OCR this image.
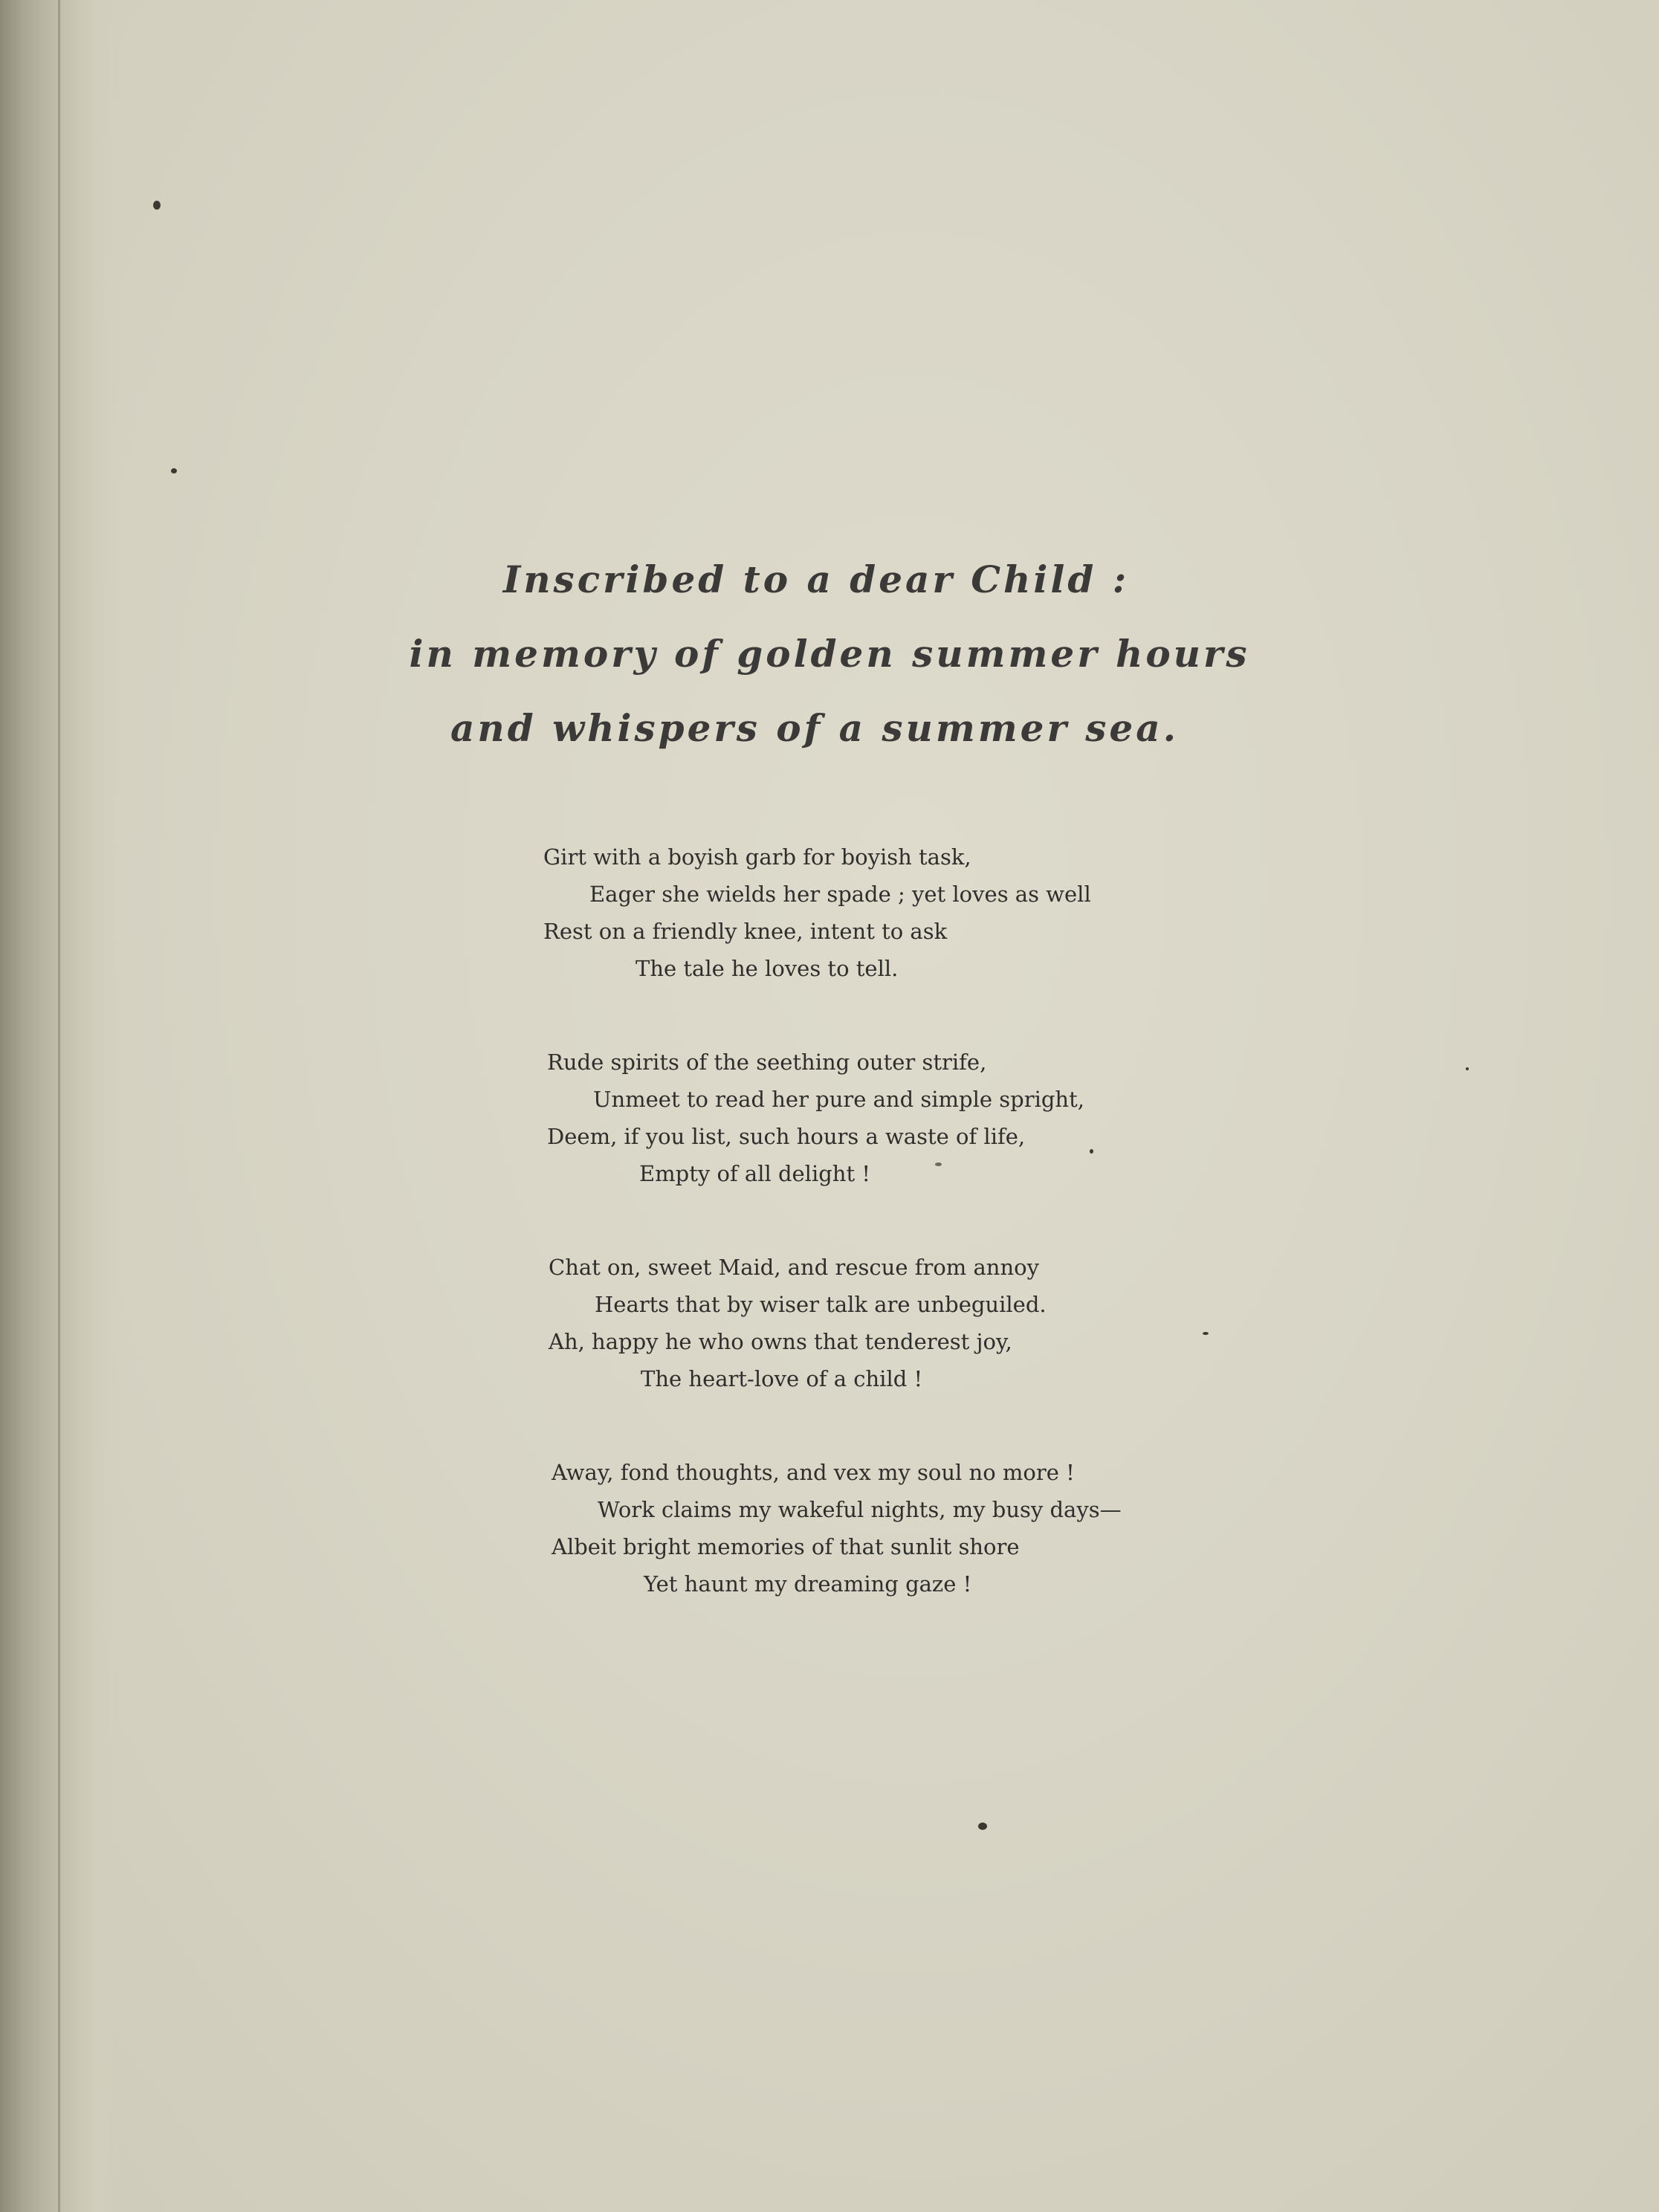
Inscribed to a dear Child :
in memory of golden summer hours
and whispers of a summer sea.
Girt with a boyish garb for boyish task,
Eager she wields her spade ; yet loves as well
Rest on a friendly knee, intent to ask
The tale he loves to tell.
Rude spirits of the seething outer strife,
Unmeet to read her pure and simple spright,
Deem, if you list, such hours a waste of life,
Empty of all delight !
Chat on, sweet Maid, and rescue from annoy
Hearts that by wiser talk are unbeguiled.
Ah, happy he who owns that tenderest joy,
The heart-love of a child !
Away, fond thoughts, and vex my soul no more !
Work claims my wakeful nights, my busy days—
Albeit bright memories of that sunlit shore
Yet haunt my dreaming gaze !
